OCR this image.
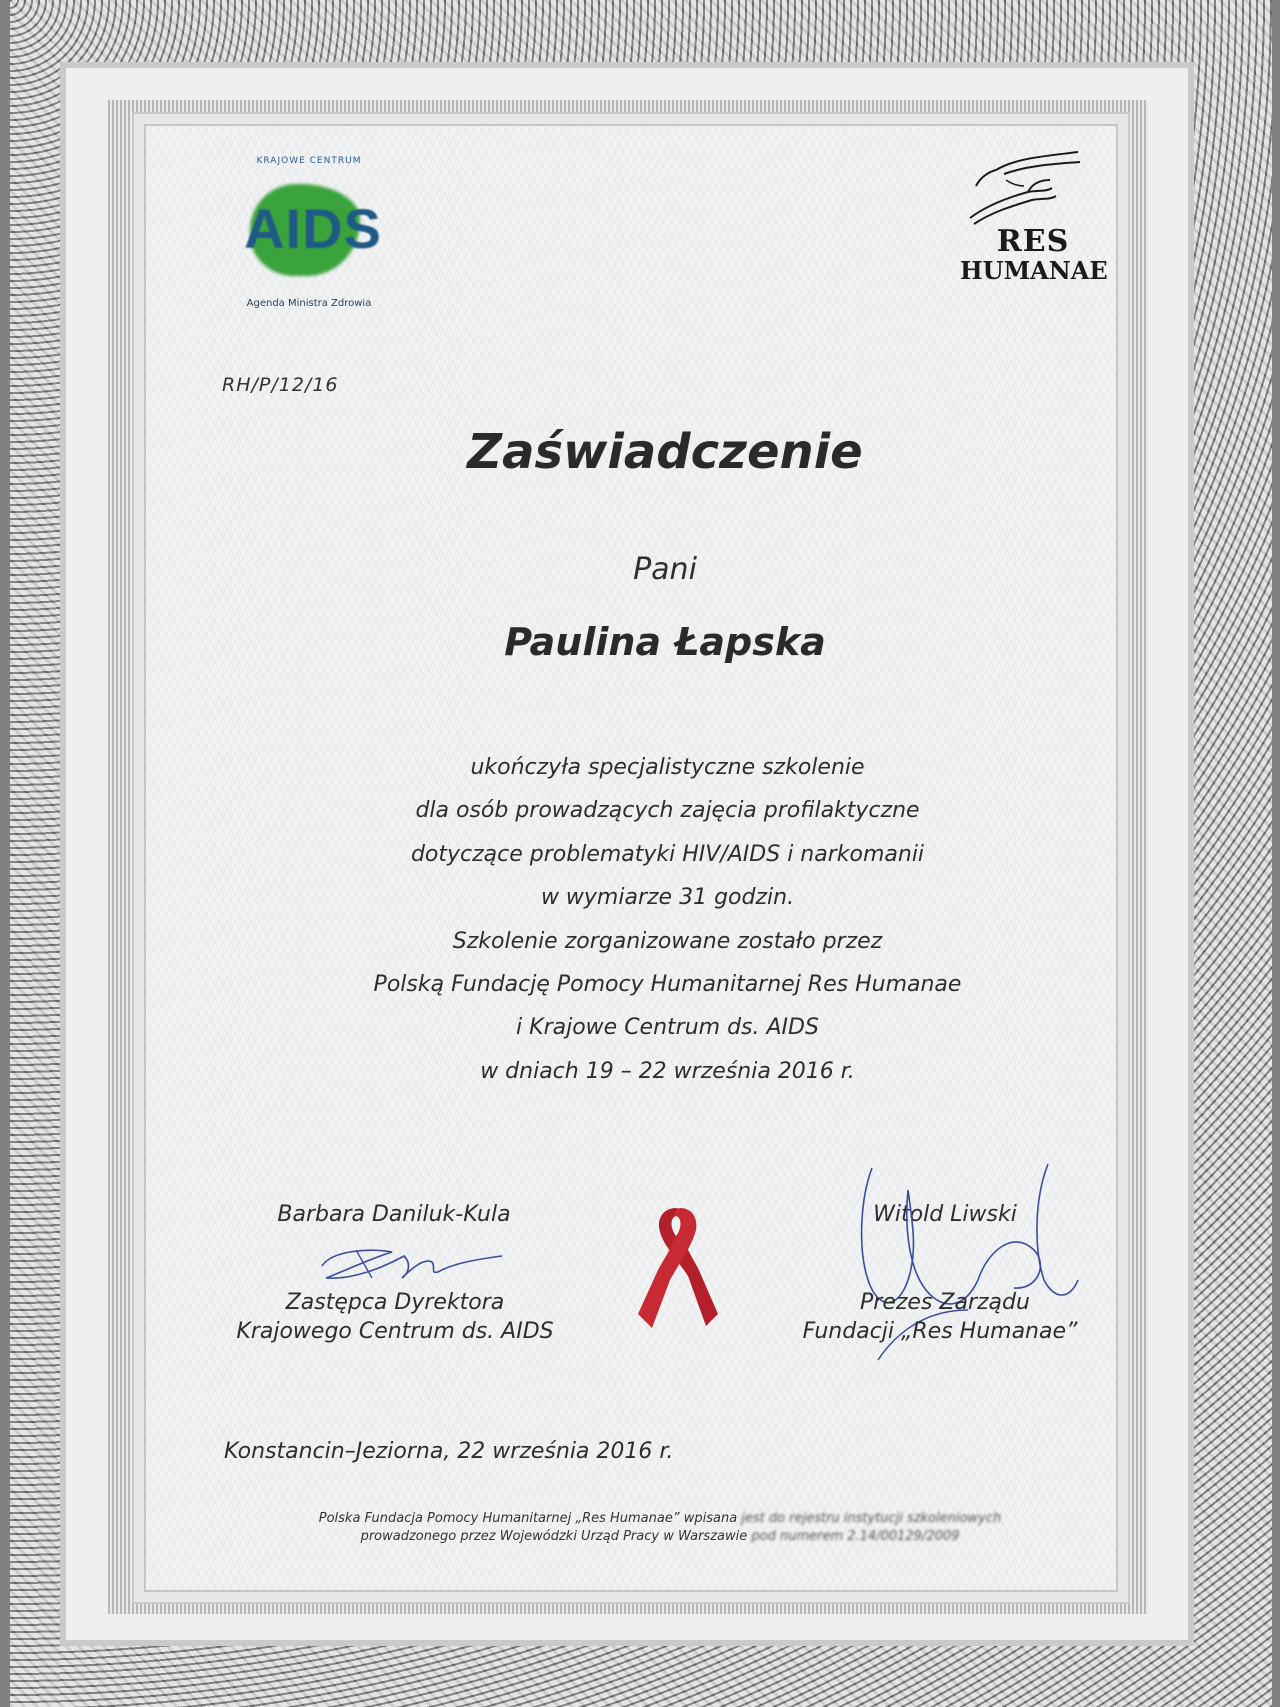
KRAJOWE CENTRUM
AIDS
Agenda Ministra Zdrowia
RES
HUMANAE
RH/P/12/16
Zaświadczenie
Pani
Paulina Łapska
ukończyła specjalistyczne szkolenie
dla osób prowadzących zajęcia profilaktyczne
dotyczące problematyki HIV/AIDS i narkomanii
w wymiarze 31 godzin.
Szkolenie zorganizowane zostało przez
Polską Fundację Pomocy Humanitarnej Res Humanae
i Krajowe Centrum ds. AIDS
w dniach 19 – 22 września 2016 r.
Barbara Daniluk-Kula
Zastępca Dyrektora
Krajowego Centrum ds. AIDS
Witold Liwski
Prezes Zarządu
Fundacji „Res Humanae”
Konstancin–Jeziorna, 22 września 2016 r.
Polska Fundacja Pomocy Humanitarnej „Res Humanae” wpisana jest do rejestru instytucji szkoleniowych
prowadzonego przez Wojewódzki Urząd Pracy w Warszawie pod numerem 2.14/00129/2009
